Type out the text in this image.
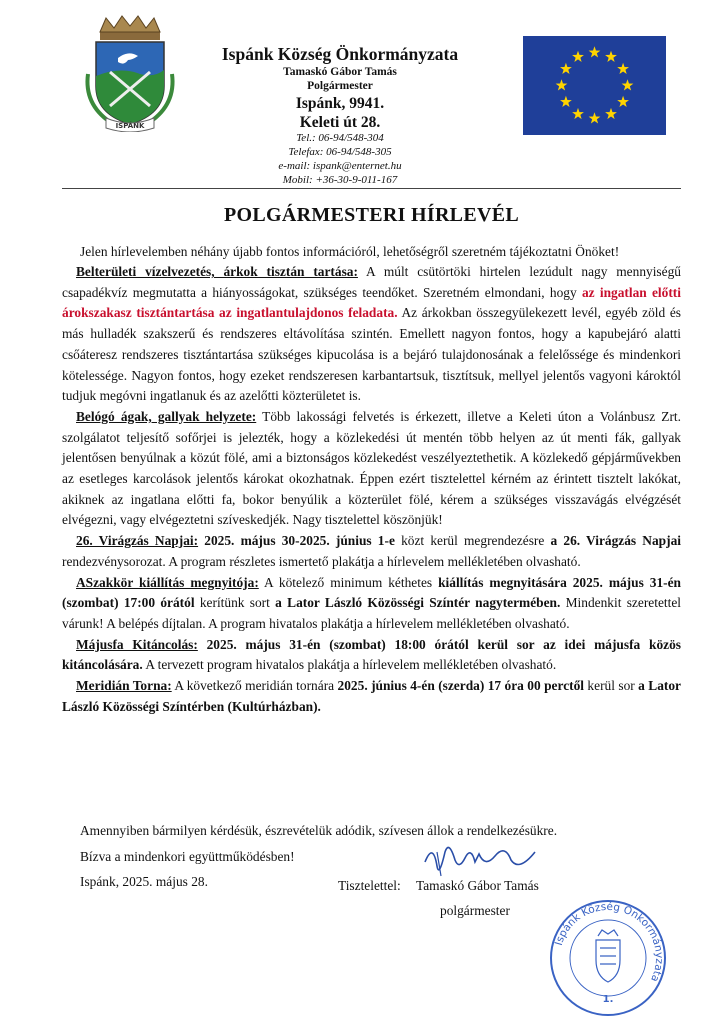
ISPÁNK
Ispánk Község Önkormányzata
Tamaskó Gábor Tamás
Polgármester
Ispánk, 9941.
Keleti út 28.
Tel.: 06-94/548-304
Telefax: 06-94/548-305
e-mail: ispank@enternet.hu
Mobil: +36-30-9-011-167
POLGÁRMESTERI HÍRLEVÉL
Jelen hírlevelemben néhány újabb fontos információról, lehetőségről szeretném tájékoztatni Önöket!

Belterületi vízelvezetés, árkok tisztán tartása: A múlt csütörtöki hirtelen lezúdult nagy mennyiségű csapadékvíz megmutatta a hiányosságokat, szükséges teendőket. Szeretném elmondani, hogy az ingatlan előtti árokszakasz tisztántartása az ingatlantulajdonos feladata. Az árkokban összegyülekezett levél, egyéb zöld és más hulladék szakszerű és rendszeres eltávolítása szintén. Emellett nagyon fontos, hogy a kapubejáró alatti csőáteresz rendszeres tisztántartása szükséges kipucolása is a bejáró tulajdonosának a felelőssége és mindenkori kötelessége. Nagyon fontos, hogy ezeket rendszeresen karbantartsuk, tisztítsuk, mellyel jelentős vagyoni károktól tudjuk megóvni ingatlanuk és az azelőtti közterületet is.

Belógó ágak, gallyak helyzete: Több lakossági felvetés is érkezett, illetve a Keleti úton a Volánbusz Zrt. szolgálatot teljesítő sofőrjei is jelezték, hogy a közlekedési út mentén több helyen az út menti fák, gallyak jelentősen benyúlnak a közút fölé, ami a biztonságos közlekedést veszélyeztethetik. A közlekedő gépjárművekben az esetleges karcolások jelentős károkat okozhatnak. Éppen ezért tisztelettel kérném az érintett tisztelt lakókat, akiknek az ingatlana előtti fa, bokor benyúlik a közterület fölé, kérem a szükséges visszavágás elvégzését elvégezni, vagy elvégeztetni szíveskedjék. Nagy tisztelettel köszönjük!

26. Virágzás Napjai: 2025. május 30-2025. június 1-e közt kerül megrendezésre a 26. Virágzás Napjai rendezvénysorozat. A program részletes ismertető plakátja a hírlevelem mellékletében olvasható.

ASzakkör kiállítás megnyitója: A kötelező minimum kéthetes kiállítás megnyitására 2025. május 31-én (szombat) 17:00 órától kerítünk sort a Lator László Közösségi Színtér nagytermében. Mindenkit szeretettel várunk! A belépés díjtalan. A program hivatalos plakátja a hírlevelem mellékletében olvasható.

Májusfa Kitáncolás: 2025. május 31-én (szombat) 18:00 órától kerül sor az idei májusfa közös kitáncolására. A tervezett program hivatalos plakátja a hírlevelem mellékletében olvasható.

Meridián Torna: A következő meridián tornára 2025. június 4-én (szerda) 17 óra 00 perctől kerül sor a Lator László Közösségi Színtérben (Kultúrházban).

Amennyiben bármilyen kérdésük, észrevételük adódik, szívesen állok a rendelkezésükre.
Bízva a mindenkori együttműködésben!
Ispánk, 2025. május 28.	Tisztelettel: Tamaskó Gábor Tamás
polgármester
Ispánk Község Önkormányzata
1.
